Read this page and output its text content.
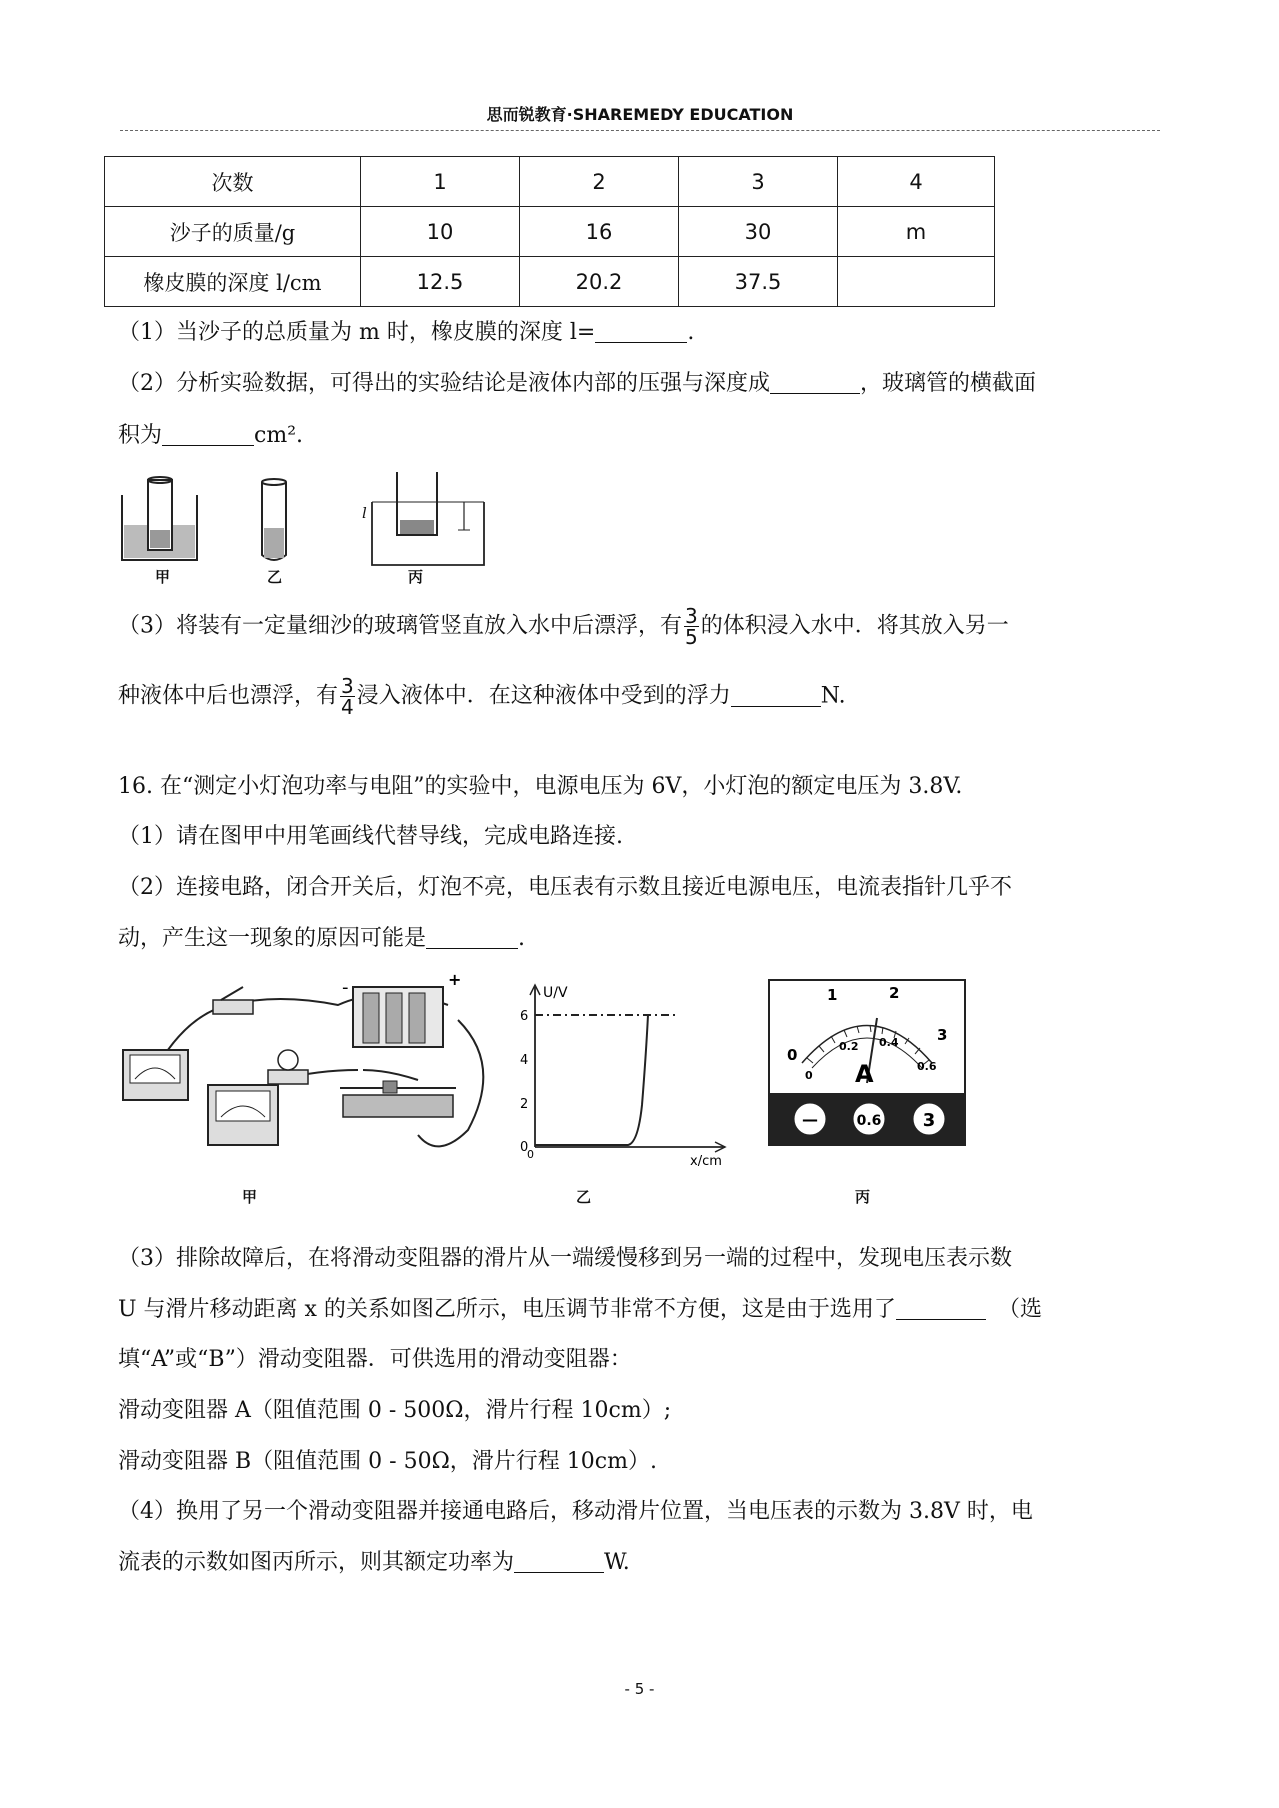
思而锐教育·SHAREMEDY EDUCATION
次数	1	2	3	4
沙子的质量/g	10	16	30	m
橡皮膜的深度 l/cm	12.5	20.2	37.5	
（1）当沙子的总质量为 m 时，橡皮膜的深度 l=	.
（2）分析实验数据，可得出的实验结论是液体内部的压强与深度成	，玻璃管的横截面
积为	cm².
l
甲	乙	丙
（3）将装有一定量细沙的玻璃管竖直放入水中后漂浮，有 $\frac{3}{5}$ 的体积浸入水中．将其放入另一
种液体中后也漂浮，有 $\frac{3}{4}$ 浸入液体中．在这种液体中受到的浮力	N.
16. 在“测定小灯泡功率与电阻”的实验中，电源电压为 6V，小灯泡的额定电压为 3.8V.
（1）请在图甲中用笔画线代替导线，完成电路连接.
（2）连接电路，闭合开关后，灯泡不亮，电压表有示数且接近电源电压，电流表指针几乎不
动，产生这一现象的原因可能是	.
-	+
U/V
6
4
2
0
0	x/cm
0
1	2
3
0
0.2 0.4
0.6
A
—	0.6 3
甲	乙	丙
（3）排除故障后，在将滑动变阻器的滑片从一端缓慢移到另一端的过程中，发现电压表示数
U 与滑片移动距离 x 的关系如图乙所示，电压调节非常不方便，这是由于选用了	（选
填“A”或“B”）滑动变阻器．可供选用的滑动变阻器：
滑动变阻器 A（阻值范围 0 - 500Ω，滑片行程 10cm）;
滑动变阻器 B（阻值范围 0 - 50Ω，滑片行程 10cm）.
（4）换用了另一个滑动变阻器并接通电路后，移动滑片位置，当电压表的示数为 3.8V 时，电
流表的示数如图丙所示，则其额定功率为	W.
- 5 -
